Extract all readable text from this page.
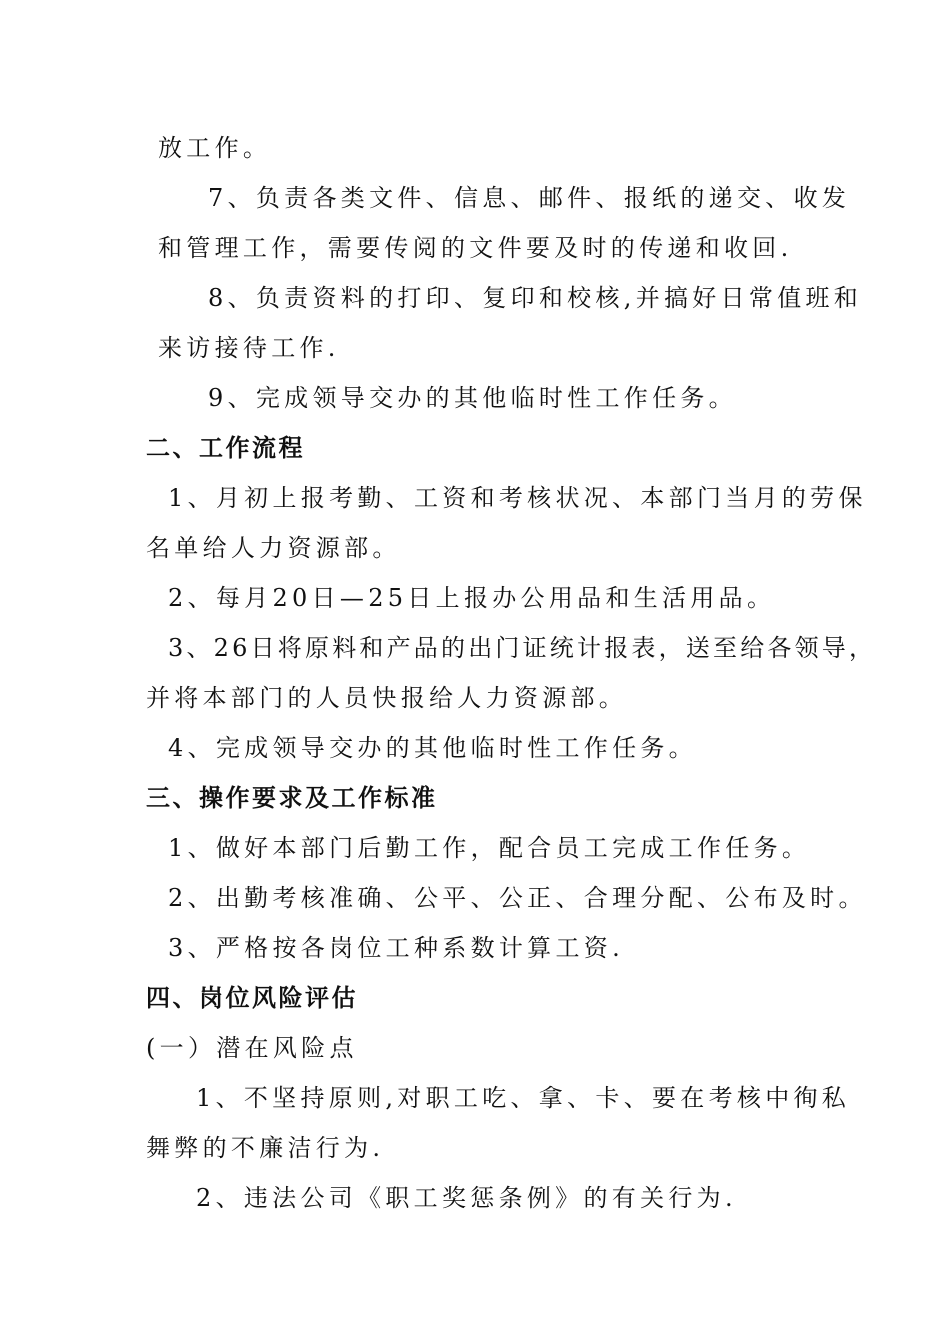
放工作。
7、负责各类文件、信息、邮件、报纸的递交、收发
和管理工作，需要传阅的文件要及时的传递和收回.
8、负责资料的打印、复印和校核,并搞好日常值班和
来访接待工作.
9、完成领导交办的其他临时性工作任务。
二、工作流程
1、月初上报考勤、工资和考核状况、本部门当月的劳保
名单给人力资源部。
2、每月20日—25日上报办公用品和生活用品。
3、26日将原料和产品的出门证统计报表，送至给各领导，
并将本部门的人员快报给人力资源部。
4、完成领导交办的其他临时性工作任务。
三、操作要求及工作标准
1、做好本部门后勤工作，配合员工完成工作任务。
2、出勤考核准确、公平、公正、合理分配、公布及时。
3、严格按各岗位工种系数计算工资.
四、岗位风险评估
(一）潜在风险点
1、不坚持原则,对职工吃、拿、卡、要在考核中徇私
舞弊的不廉洁行为.
2、违法公司《职工奖惩条例》的有关行为.
